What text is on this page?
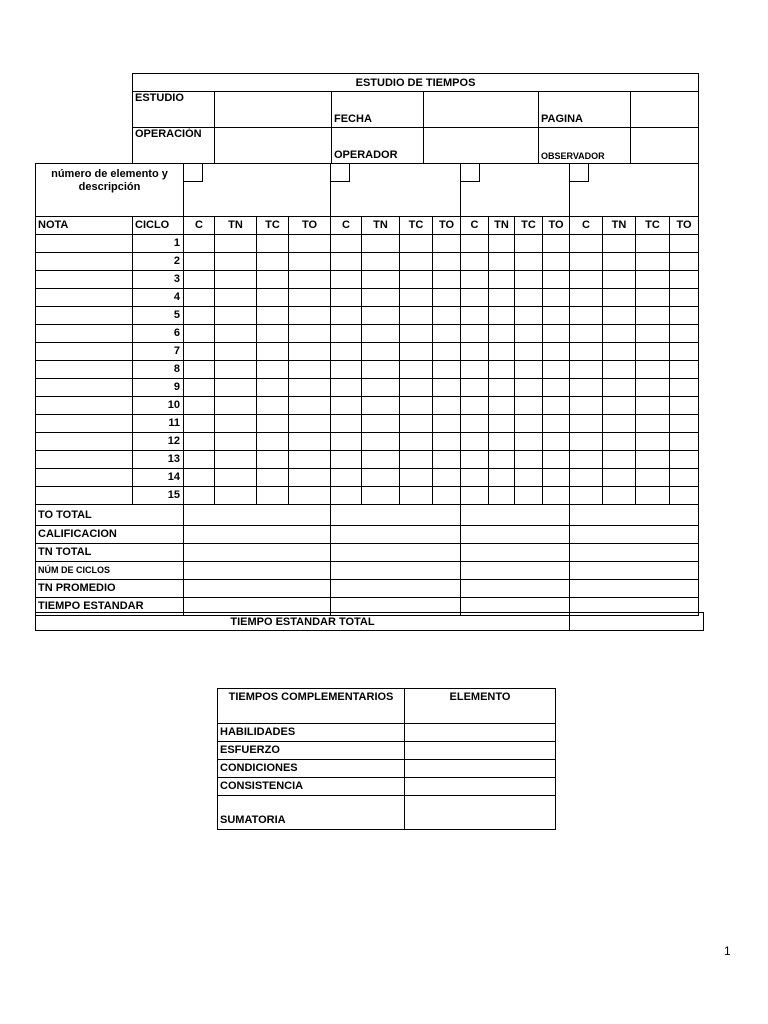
ESTUDIO DE TIEMPOS					
ESTUDIO		FECHA		PAGINA	
OPERACIÓN		OPERADOR		OBSERVADOR	
número de elemento y descripción														

NOTA	CICLO	C	TN	TC	TO	C	TN	TC	TO	C	TN	TC	TO	C	TN	TC	TO
	1																
	2																
	3																
	4																
	5																
	6																
	7																
	8																
	9																
	10																
	11																
	12																
	13																
	14																
	15																
TO TOTAL																	
CALIFICACION																	
TN TOTAL																	
NÚM DE CICLOS																	
TN PROMEDIO																	
TIEMPO ESTANDAR																	
TIEMPO ESTANDAR TOTAL	
TIEMPOS COMPLEMENTARIOS	ELEMENTO
HABILIDADES	
ESFUERZO	
CONDICIONES	
CONSISTENCIA	
SUMATORIA	
1
